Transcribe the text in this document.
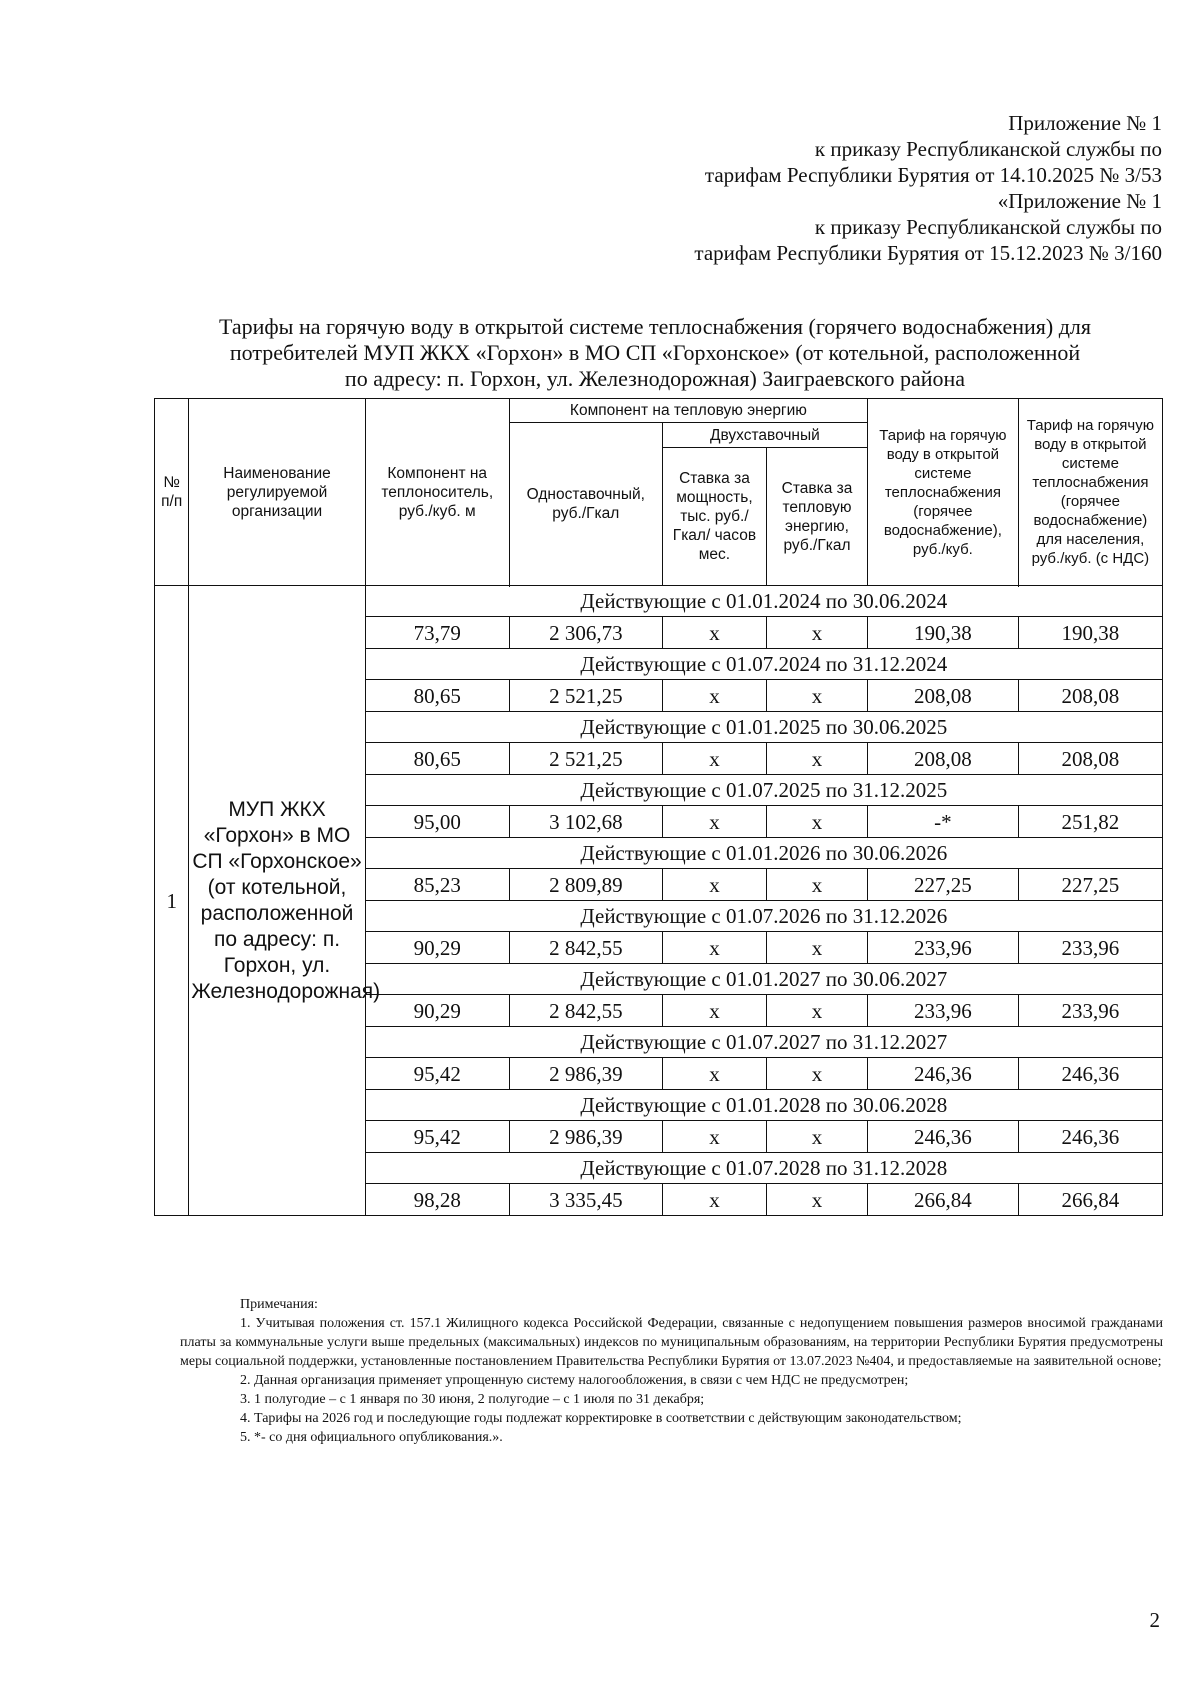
Приложение № 1
к приказу Республиканской службы по
тарифам Республики Бурятия от 14.10.2025 № 3/53
«Приложение № 1
к приказу Республиканской службы по
тарифам Республики Бурятия от 15.12.2023 № 3/160
Тарифы на горячую воду в открытой системе теплоснабжения (горячего водоснабжения) для
потребителей МУП ЖКХ «Горхон» в МО СП «Горхонское» (от котельной, расположенной
по адресу: п. Горхон, ул. Железнодорожная) Заиграевского района
№ п/п	Наименование регулируемой организации	Компонент на теплоноситель, руб./куб. м	Компонент на тепловую энергию			Тариф на горячую воду в открытой системе теплоснабжения (горячее водоснабжение), руб./куб.	Тариф на горячую воду в открытой системе теплоснабжения (горячее водоснабжение) для населения, руб./куб. (с НДС)
			Одноставочный, руб./Гкал	Двухставочный			
				Ставка за мощность, тыс. руб./Гкал/ часов мес.	Ставка за тепловую энергию, руб./Гкал		

1	МУП ЖКХ «Горхон» в МО СП «Горхонское» (от котельной, расположенной по адресу: п. Горхон, ул. Железнодорожная)	Действующие с 01.01.2024 по 30.06.2024					
		73,79	2 306,73	x	x	190,38	190,38
		Действующие с 01.07.2024 по 31.12.2024					
		80,65	2 521,25	x	x	208,08	208,08
		Действующие с 01.01.2025 по 30.06.2025					
		80,65	2 521,25	x	x	208,08	208,08
		Действующие с 01.07.2025 по 31.12.2025					
		95,00	3 102,68	x	x	-*	251,82
		Действующие с 01.01.2026 по 30.06.2026					
		85,23	2 809,89	x	x	227,25	227,25
		Действующие с 01.07.2026 по 31.12.2026					
		90,29	2 842,55	x	x	233,96	233,96
		Действующие с 01.01.2027 по 30.06.2027					
		90,29	2 842,55	x	x	233,96	233,96
		Действующие с 01.07.2027 по 31.12.2027					
		95,42	2 986,39	x	x	246,36	246,36
		Действующие с 01.01.2028 по 30.06.2028					
		95,42	2 986,39	x	x	246,36	246,36
		Действующие с 01.07.2028 по 31.12.2028					
		98,28	3 335,45	x	x	266,84	266,84

Примечания:

1. Учитывая положения ст. 157.1 Жилищного кодекса Российской Федерации, связанные с недопущением повышения размеров вносимой гражданами платы за коммунальные услуги выше предельных (максимальных) индексов по муниципальным образованиям, на территории Республики Бурятия предусмотрены меры социальной поддержки, установленные постановлением Правительства Республики Бурятия от 13.07.2023 №404, и предоставляемые на заявительной основе;

2. Данная организация применяет упрощенную систему налогообложения, в связи с чем НДС не предусмотрен;

3. 1 полугодие – с 1 января по 30 июня, 2 полугодие – с 1 июля по 31 декабря;

4. Тарифы на 2026 год и последующие годы подлежат корректировке в соответствии с действующим законодательством;

5. *- со дня официального опубликования.».

2
